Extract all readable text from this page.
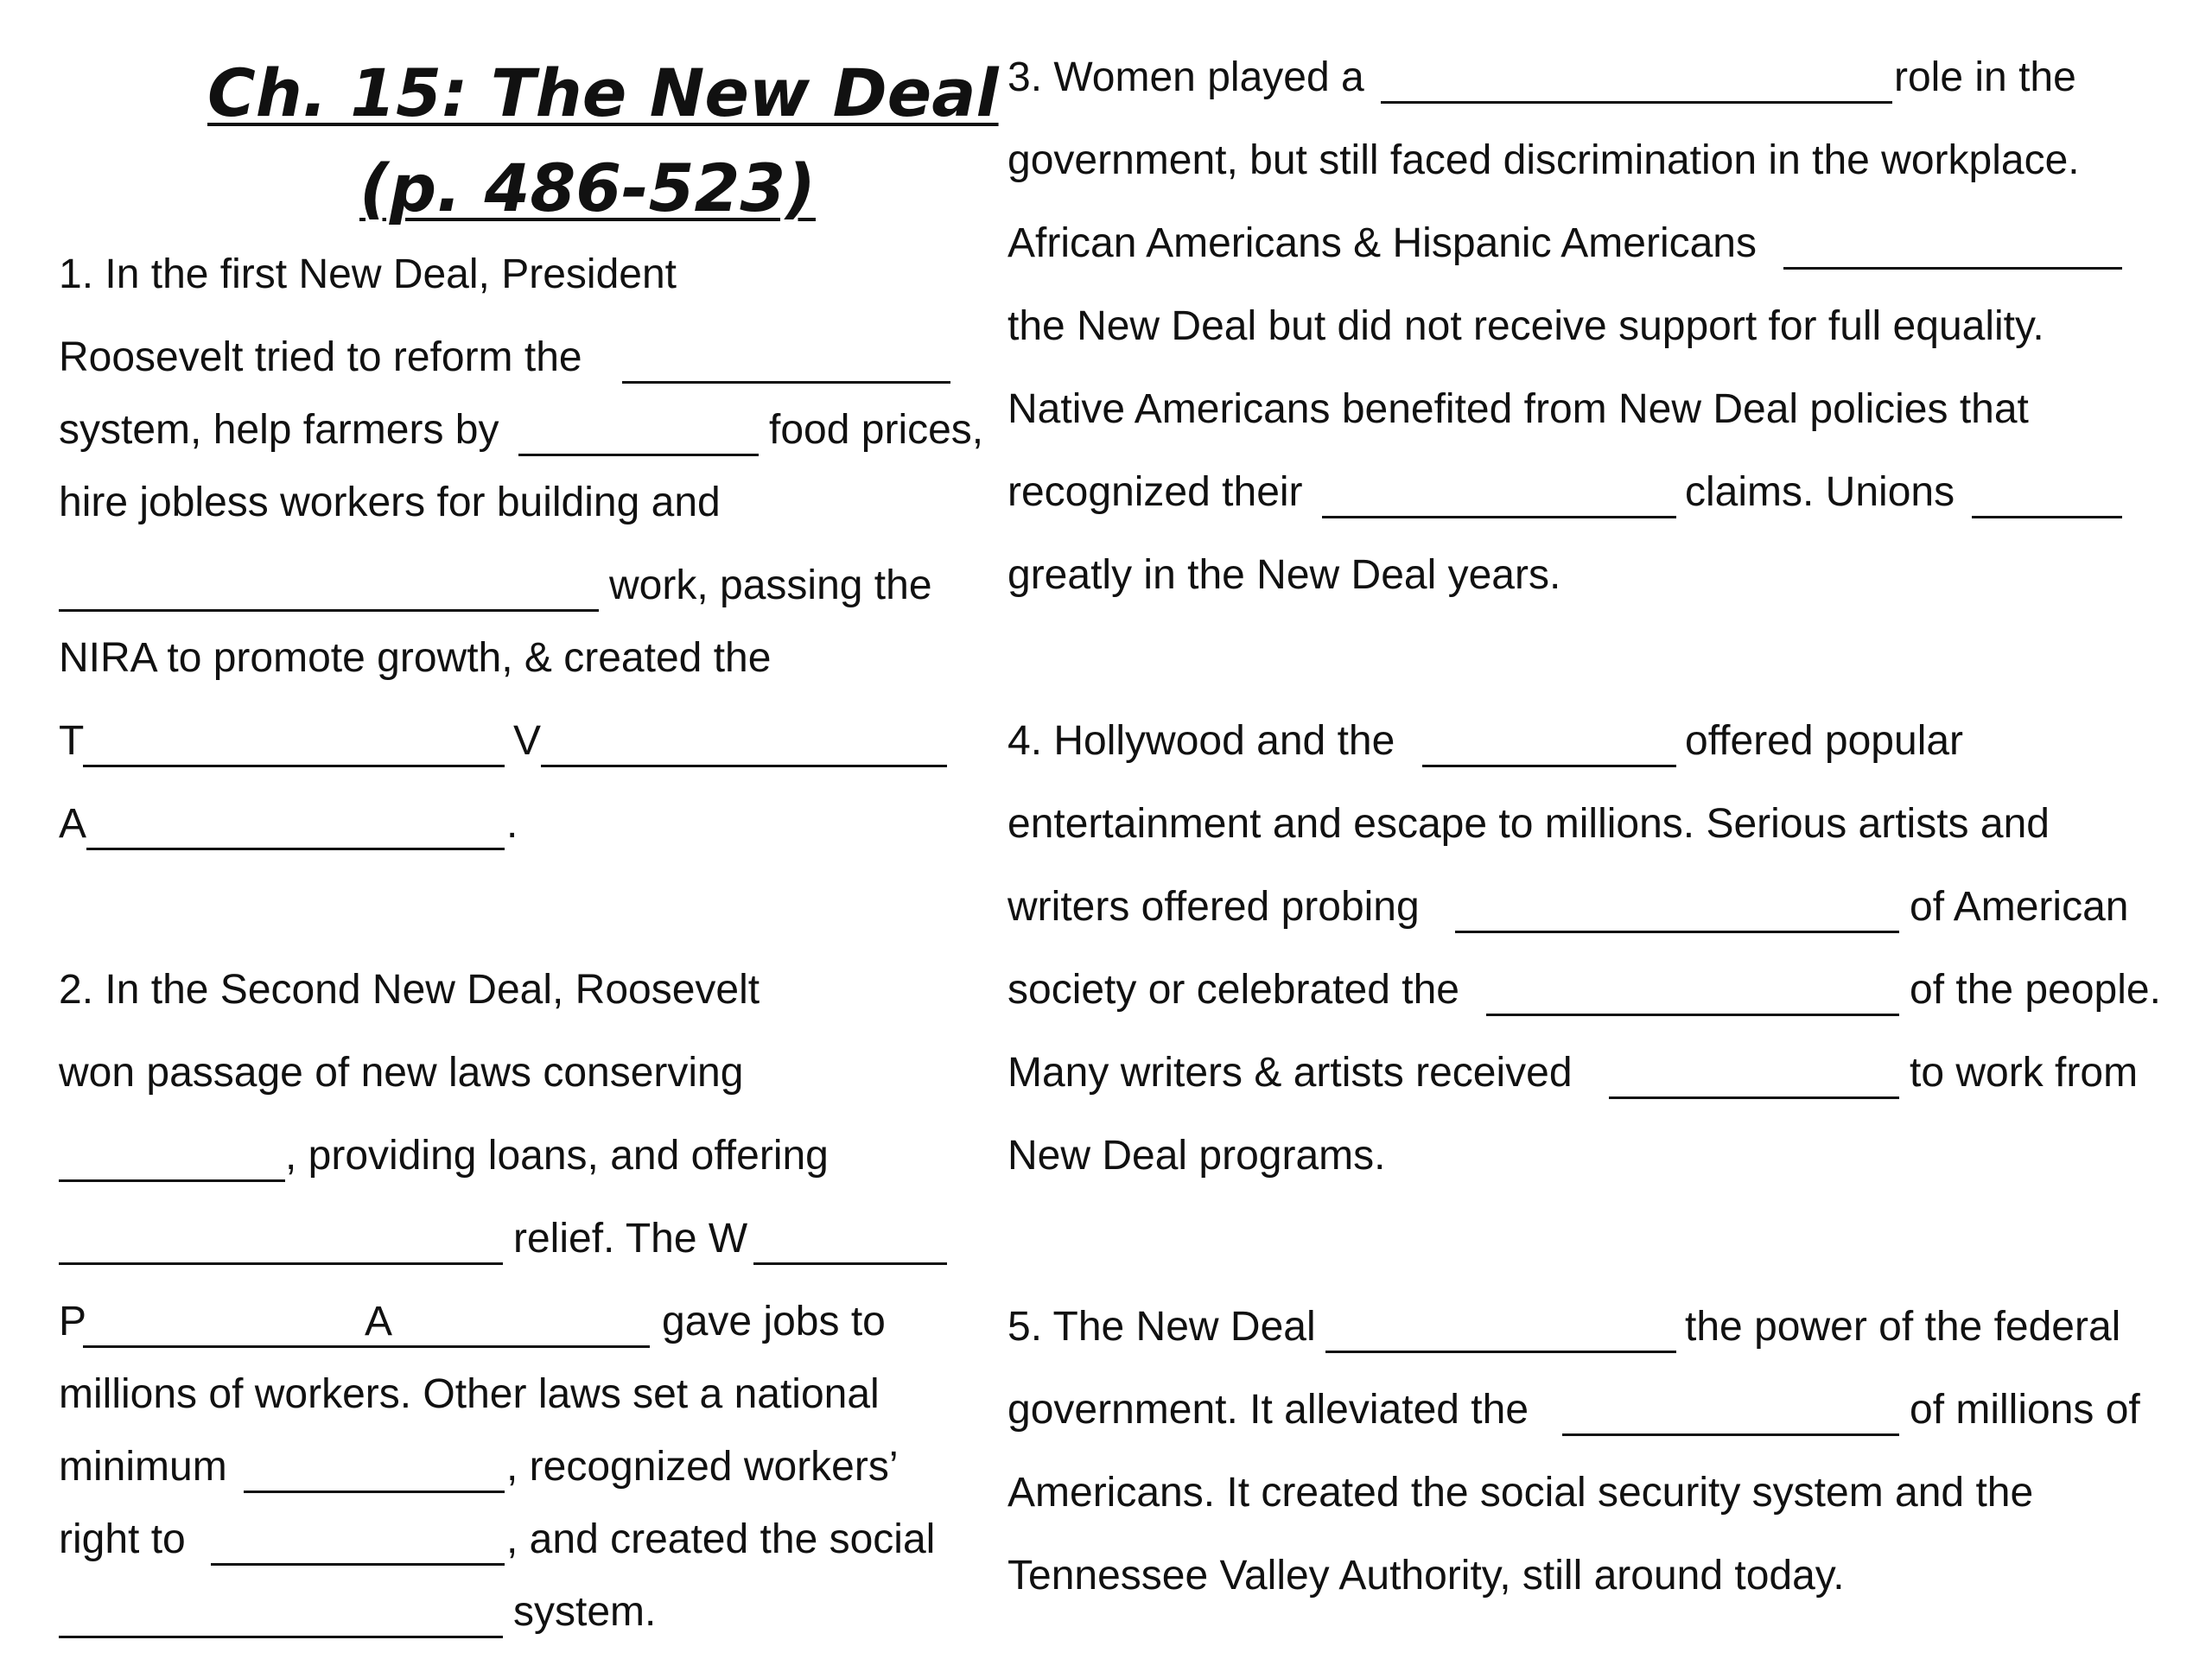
Ch. 15: The New Deal
(p. 486-523)
1. In the first New Deal, President
Roosevelt tried to reform the
system, help farmers by	food prices,
hire jobless workers for building and
work, passing the
NIRA to promote growth, & created the
T	V
A	.
2. In the Second New Deal, Roosevelt
won passage of new laws conserving
, providing loans, and offering
relief. The W
P	A	gave jobs to
millions of workers. Other laws set a national
minimum	, recognized workers’
right to	, and created the social
system.
3. Women played a	role in the
government, but still faced discrimination in the workplace.
African Americans & Hispanic Americans
the New Deal but did not receive support for full equality.
Native Americans benefited from New Deal policies that
recognized their	claims. Unions
greatly in the New Deal years.
4. Hollywood and the	offered popular
entertainment and escape to millions. Serious artists and
writers offered probing	of American
society or celebrated the	of the people.
Many writers & artists received	to work from
New Deal programs.
5. The New Deal	the power of the federal
government. It alleviated the	of millions of
Americans. It created the social security system and the
Tennessee Valley Authority, still around today.
